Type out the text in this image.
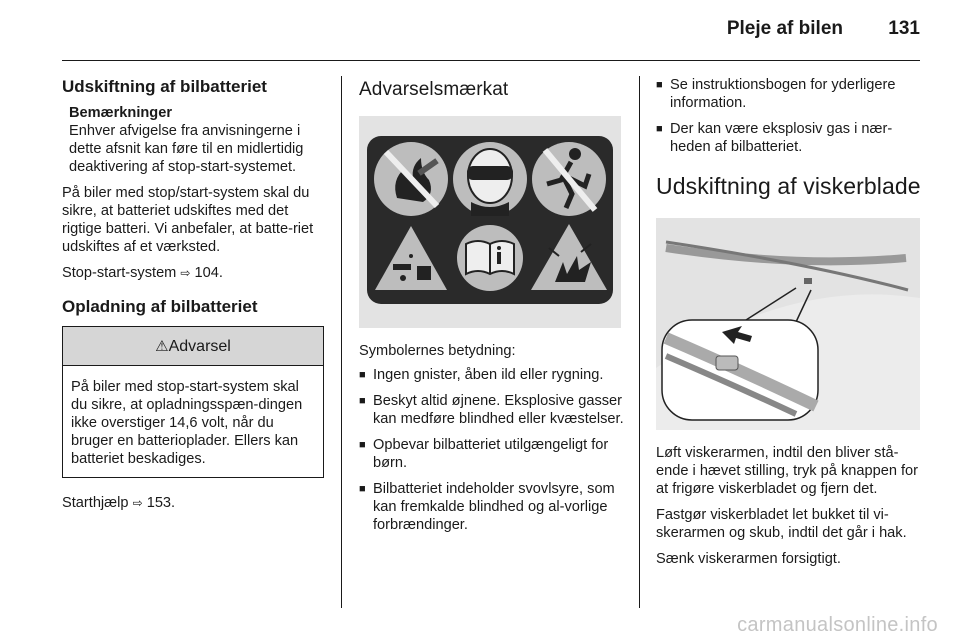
Pleje af bilen 131
Udskiftning af bilbatteriet
Bemærkninger
Enhver afvigelse fra anvisningerne i dette afsnit kan føre til en midlertidig deaktivering af stop-start-systemet.

På biler med stop/start-system skal du sikre, at batteriet udskiftes med det rigtige batteri. Vi anbefaler, at batte-riet udskiftes af et værksted.

Stop-start-system ⇨ 104.

Opladning af bilbatteriet
⚠Advarsel
På biler med stop-start-system skal du sikre, at opladningsspæn-dingen ikke overstiger 14,6 volt, når du bruger en batterioplader. Ellers kan batteriet beskadiges.

Starthjælp ⇨ 153.

Advarselsmærkat

Symbolernes betydning:

■ Ingen gnister, åben ild eller rygning.
■ Beskyt altid øjnene. Eksplosive gasser kan medføre blindhed eller kvæstelser.
■ Opbevar bilbatteriet utilgængeligt for børn.
■ Bilbatteriet indeholder svovlsyre, som kan fremkalde blindhed og al-vorlige forbrændinger.
■ Se instruktionsbogen for yderligere information.
■ Der kan være eksplosiv gas i nær-heden af bilbatteriet.
Udskiftning af viskerblade

Løft viskerarmen, indtil den bliver stå-ende i hævet stilling, tryk på knappen for at frigøre viskerbladet og fjern det.

Fastgør viskerbladet let bukket til vi-skerarmen og skub, indtil det går i hak.

Sænk viskerarmen forsigtigt.

carmanualsonline.info
